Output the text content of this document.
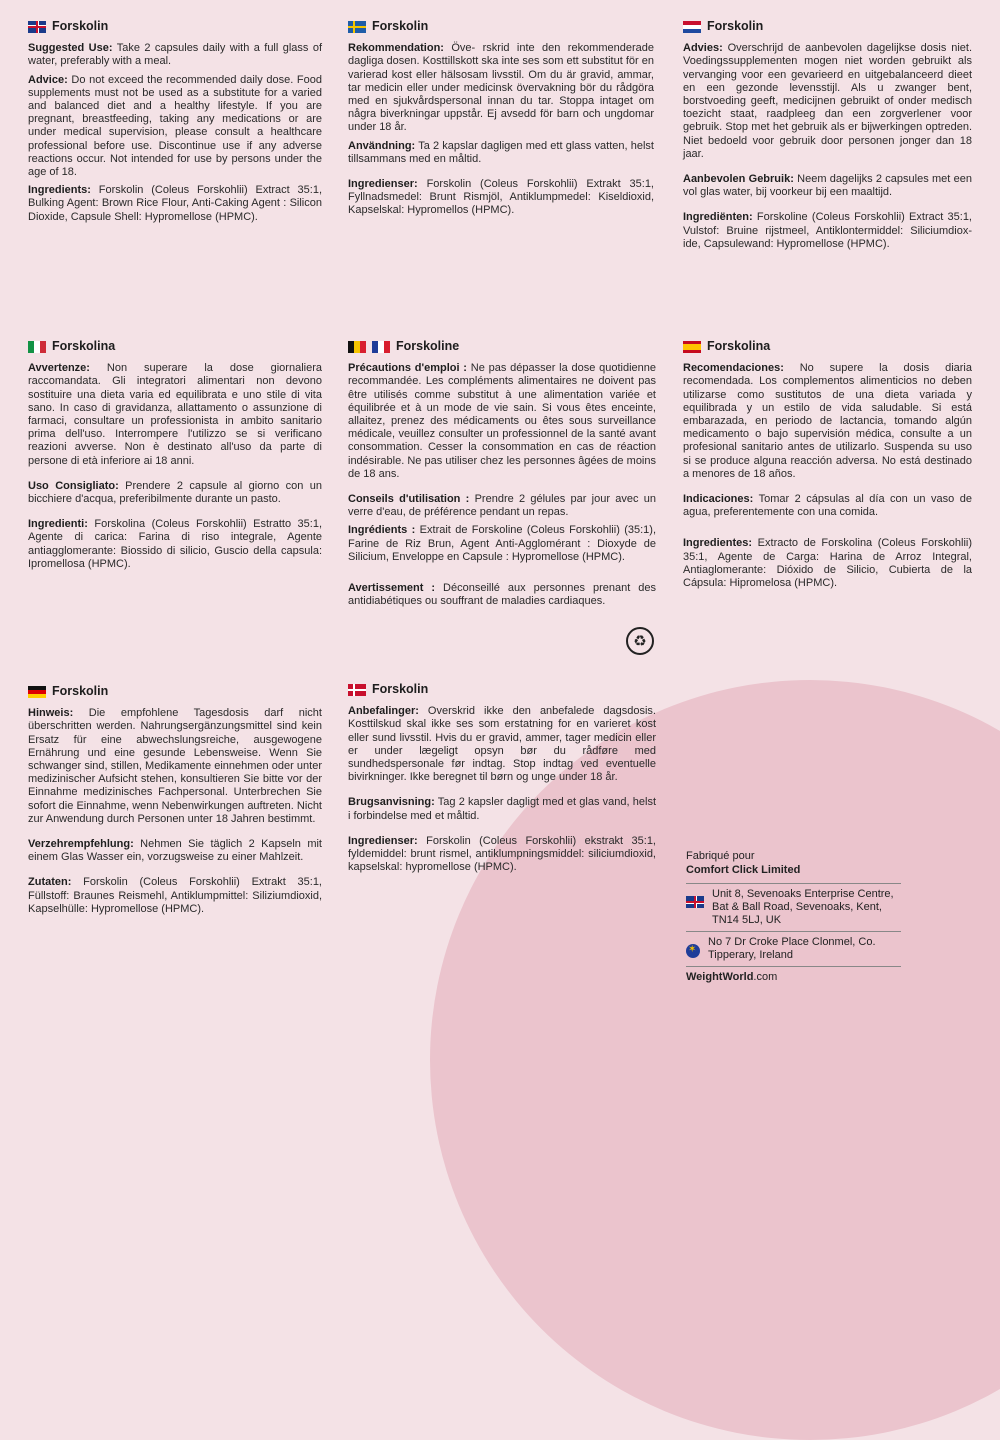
Forskolin

Suggested Use: Take 2 capsules daily with a full glass of water, preferably with a meal.

Advice: Do not exceed the recommended daily dose. Food supplements must not be used as a substitute for a varied and balanced diet and a healthy lifestyle. If you are pregnant, breastfeeding, taking any medications or are under medical supervision, please consult a healthcare professional before use. Discontinue use if any adverse reactions occur. Not intended for use by persons under the age of 18.

Ingredients: Forskolin (Coleus Forskohlii) Extract 35:1, Bulking Agent: Brown Rice Flour, Anti-Caking Agent : Silicon Dioxide, Capsule Shell: Hypromellose (HPMC).

Forskolin

Rekommendation: Öve- rskrid inte den rekommenderade dagliga dosen. Kosttillskott ska inte ses som ett substitut för en varierad kost eller hälsosam livsstil. Om du är gravid, ammar, tar medicin eller under medicinsk övervakning bör du rådgöra med en sjukvårdspersonal innan du tar. Stoppa intaget om några biverkningar uppstår. Ej avsedd för barn och ungdomar under 18 år.

Användning: Ta 2 kapslar dagligen med ett glass vatten, helst tillsammans med en måltid.

Ingredienser: Forskolin (Coleus Forskohlii) Extrakt 35:1, Fyllnadsmedel: Brunt Rismjöl, Antiklumpmedel: Kiseldioxid, Kapselskal: Hypromellos (HPMC).

Forskolin

Advies: Overschrijd de aanbevolen dagelijkse dosis niet. Voedingssupplementen mogen niet worden gebruikt als vervanging voor een gevarieerd en uitgebalanceerd dieet en een gezonde levensstijl. Als u zwanger bent, borstvoeding geeft, medicijnen gebruikt of onder medisch toezicht staat, raadpleeg dan een zorgverlener voor gebruik. Stop met het gebruik als er bijwerkingen optreden. Niet bedoeld voor gebruik door personen jonger dan 18 jaar.

Aanbevolen Gebruik: Neem dagelijks 2 capsules met een vol glas water, bij voorkeur bij een maaltijd.

Ingrediënten: Forskoline (Coleus Forskohlii) Extract 35:1, Vulstof: Bruine rijstmeel, Antiklontermiddel: Siliciumdiox-ide, Capsulewand: Hypromellose (HPMC).

Forskolina

Avvertenze: Non superare la dose giornaliera raccomandata. Gli integratori alimentari non devono sostituire una dieta varia ed equilibrata e uno stile di vita sano. In caso di gravidanza, allattamento o assunzione di farmaci, consultare un professionista in ambito sanitario prima dell'uso. Interrompere l'utilizzo se si verificano reazioni avverse. Non è destinato all'uso da parte di persone di età inferiore ai 18 anni.

Uso Consigliato: Prendere 2 capsule al giorno con un bicchiere d'acqua, preferibilmente durante un pasto.

Ingredienti: Forskolina (Coleus Forskohlii) Estratto 35:1, Agente di carica: Farina di riso integrale, Agente antiagglomerante: Biossido di silicio, Guscio della capsula: Ipromellosa (HPMC).

Forskoline

Précautions d'emploi : Ne pas dépasser la dose quotidienne recommandée. Les compléments alimentaires ne doivent pas être utilisés comme substitut à une alimentation variée et équilibrée et à un mode de vie sain. Si vous êtes enceinte, allaitez, prenez des médicaments ou êtes sous surveillance médicale, veuillez consulter un professionnel de la santé avant consommation. Cesser la consommation en cas de réaction indésirable. Ne pas utiliser chez les personnes âgées de moins de 18 ans.

Conseils d'utilisation : Prendre 2 gélules par jour avec un verre d'eau, de préférence pendant un repas.

Ingrédients : Extrait de Forskoline (Coleus Forskohlii) (35:1), Farine de Riz Brun, Agent Anti-Agglomérant : Dioxyde de Silicium, Enveloppe en Capsule : Hypromellose (HPMC).

Avertissement : Déconseillé aux personnes prenant des antidiabétiques ou souffrant de maladies cardiaques.

♻
Forskolina

Recomendaciones: No supere la dosis diaria recomendada. Los complementos alimenticios no deben utilizarse como sustitutos de una dieta variada y equilibrada y un estilo de vida saludable. Si está embarazada, en periodo de lactancia, tomando algún medicamento o bajo supervisión médica, consulte a un profesional sanitario antes de utilizarlo. Suspenda su uso si se produce alguna reacción adversa. No está destinado a menores de 18 años.

Indicaciones: Tomar 2 cápsulas al día con un vaso de agua, preferentemente con una comida.

Ingredientes: Extracto de Forskolina (Coleus Forskohlii) 35:1, Agente de Carga: Harina de Arroz Integral, Antiaglomerante: Dióxido de Silicio, Cubierta de la Cápsula: Hipromelosa (HPMC).

Forskolin

Hinweis: Die empfohlene Tagesdosis darf nicht überschritten werden. Nahrungsergänzungsmittel sind kein Ersatz für eine abwechslungsreiche, ausgewogene Ernährung und eine gesunde Lebensweise. Wenn Sie schwanger sind, stillen, Medikamente einnehmen oder unter medizinischer Aufsicht stehen, konsultieren Sie bitte vor der Einnahme medizinisches Fachpersonal. Unterbrechen Sie sofort die Einnahme, wenn Nebenwirkungen auftreten. Nicht zur Anwendung durch Personen unter 18 Jahren bestimmt.

Verzehrempfehlung: Nehmen Sie täglich 2 Kapseln mit einem Glas Wasser ein, vorzugsweise zu einer Mahlzeit.

Zutaten: Forskolin (Coleus Forskohlii) Extrakt 35:1, Füllstoff: Braunes Reismehl, Antiklumpmittel: Siliziumdioxid, Kapselhülle: Hypromellose (HPMC).

Forskolin

Anbefalinger: Overskrid ikke den anbefalede dagsdosis. Kosttilskud skal ikke ses som erstatning for en varieret kost eller sund livsstil. Hvis du er gravid, ammer, tager medicin eller er under lægeligt opsyn bør du rådføre med sundhedspersonale før indtag. Stop indtag ved eventuelle bivirkninger. Ikke beregnet til børn og unge under 18 år.

Brugsanvisning: Tag 2 kapsler dagligt med et glas vand, helst i forbindelse med et måltid.

Ingredienser: Forskolin (Coleus Forskohlii) ekstrakt 35:1, fyldemiddel: brunt rismel, antiklumpningsmiddel: siliciumdioxid, kapselskal: hypromellose (HPMC).

Fabriqué pour
Comfort Click Limited
Unit 8, Sevenoaks Enterprise Centre, Bat & Ball Road, Sevenoaks, Kent, TN14 5LJ, UK
✶
No 7 Dr Croke Place Clonmel, Co. Tipperary, Ireland
WeightWorld.com
